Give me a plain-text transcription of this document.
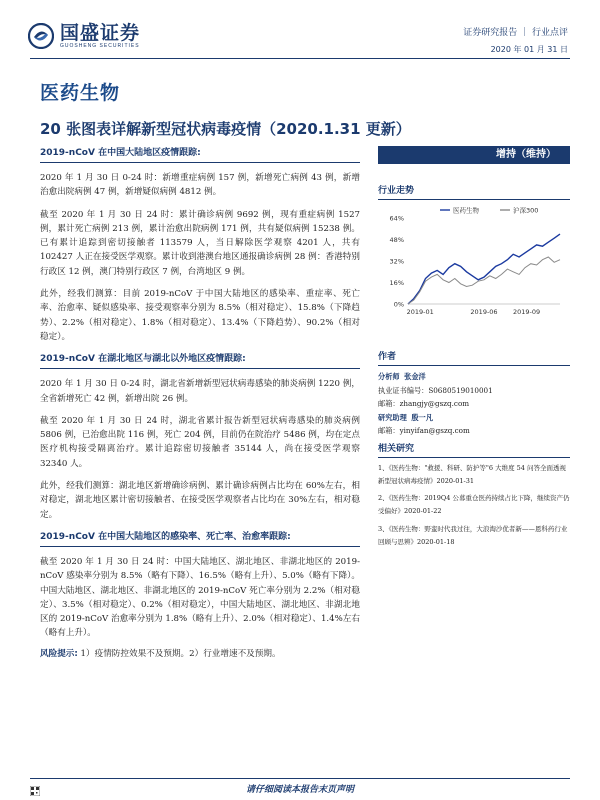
国盛证券
GUOSHENG SECURITIES
证券研究报告 ｜ 行业点评
2020 年 01 月 31 日
医药生物
20 张图表详解新型冠状病毒疫情（2020.1.31 更新）
2019-nCoV 在中国大陆地区疫情跟踪:

2020 年 1 月 30 日 0-24 时：新增重症病例 157 例，新增死亡病例 43 例，新增治愈出院病例 47 例，新增疑似病例 4812 例。

截至 2020 年 1 月 30 日 24 时：累计确诊病例 9692 例，现有重症病例 1527 例，累计死亡病例 213 例，累计治愈出院病例 171 例，共有疑似病例 15238 例。已有累计追踪到密切接触者 113579 人，当日解除医学观察 4201 人，共有 102427 人正在接受医学观察。累计收到港澳台地区通报确诊病例 28 例：香港特别行政区 12 例，澳门特别行政区 7 例，台湾地区 9 例。

此外，经我们测算：目前 2019-nCoV 于中国大陆地区的感染率、重症率、死亡率、治愈率、疑似感染率、接受观察率分别为 8.5%（相对稳定）、15.8%（下降趋势）、2.2%（相对稳定）、1.8%（相对稳定）、13.4%（下降趋势）、90.2%（相对稳定）。

2019-nCoV 在湖北地区与湖北以外地区疫情跟踪:

2020 年 1 月 30 日 0-24 时，湖北省新增新型冠状病毒感染的肺炎病例 1220 例，全省新增死亡 42 例，新增出院 26 例。

截至 2020 年 1 月 30 日 24 时，湖北省累计报告新型冠状病毒感染的肺炎病例 5806 例，已治愈出院 116 例，死亡 204 例，目前仍在院治疗 5486 例，均在定点医疗机构接受隔离治疗。累计追踪密切接触者 35144 人，尚在接受医学观察 32340 人。

此外，经我们测算：湖北地区新增确诊病例、累计确诊病例占比均在 60%左右，相对稳定，湖北地区累计密切接触者、在接受医学观察者占比均在 30%左右，相对稳定。

2019-nCoV 在中国大陆地区的感染率、死亡率、治愈率跟踪:

截至 2020 年 1 月 30 日 24 时：中国大陆地区、湖北地区、非湖北地区的 2019-nCoV 感染率分别为 8.5%（略有下降）、16.5%（略有上升）、5.0%（略有下降）。中国大陆地区、湖北地区、非湖北地区的 2019-nCoV 死亡率分别为 2.2%（相对稳定）、3.5%（相对稳定）、0.2%（相对稳定），中国大陆地区、湖北地区、非湖北地区的 2019-nCoV 治愈率分别为 1.8%（略有上升）、2.0%（相对稳定）、1.4%左右（略有上升）。

风险提示: 1）疫情防控效果不及预期。2）行业增速不及预期。

增持（维持）
行业走势
0%
16%
32%
48%
64%
2019-01	2019-06 2019-09
医药生物	沪深300
作者
分析师 张金洋
执业证书编号：S0680519010001
邮箱：zhangjy@gszq.com
研究助理 殷一凡
邮箱：yinyifan@gszq.com
相关研究

1、《医药生物："救援、科研、防护等"6 大维度 54 问答全面透视新型冠状病毒疫情》2020-01-31

2、《医药生物：2019Q4 公募重仓医药持续占比下降，继续资产仍受偏好》2020-01-22

3、《医药生物：野蛮时代我过往，大浪淘沙优者新——恩科药行业回顾与思辨》2020-01-18

请仔细阅读本报告末页声明
